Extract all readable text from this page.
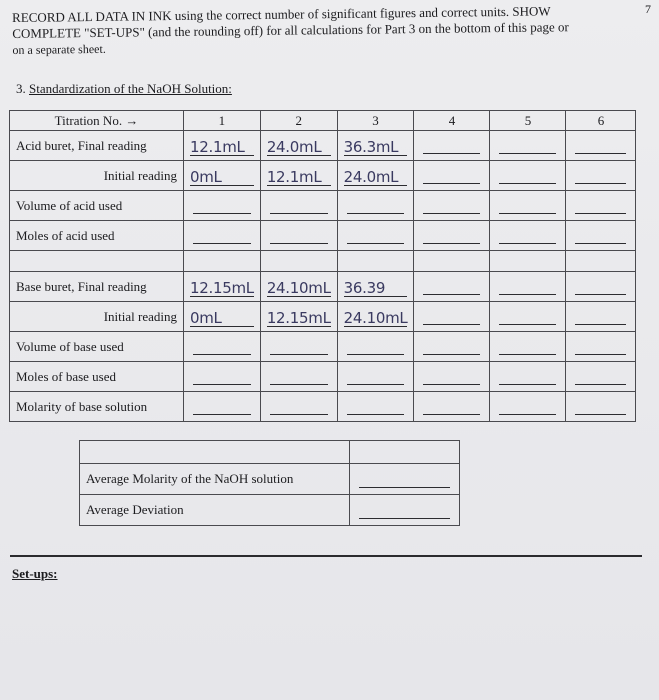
7
RECORD ALL DATA IN INK using the correct number of significant figures and correct units. SHOW
COMPLETE "SET-UPS" (and the rounding off) for all calculations for Part 3 on the bottom of this page or
on a separate sheet.
3. Standardization of the NaOH Solution:
Titration No. →	1	2	3	4	5	6
Acid buret, Final reading	12.1mL	24.0mL	36.3mL			

Initial reading	0mL	12.1mL	24.0mL			

Volume of acid used	

Moles of acid used	

Base buret, Final reading	12.15mL	24.10mL	36.39			

Initial reading	0mL	12.15mL	24.10mL			

Volume of base used	

Moles of base used	

Molarity of base solution	

Average Molarity of the NaOH solution	

Average Deviation	
Set-ups:
